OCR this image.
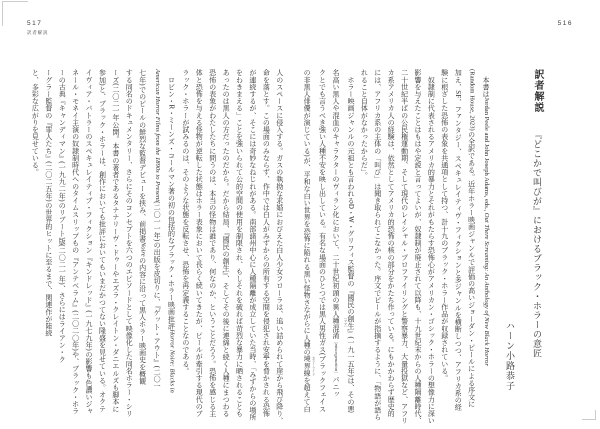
517
訳者解説
516
訳者解説『どこかで叫びが』におけるブラック・ホラーの意匠
ハーン小路恭子
　本書はJordan Peele and John Joseph Adams, eds., Out There Screaming: An Anthology of New Black Horror
(Random House, 2023)の全訳である。近年ホラー映画ジャンルで評価の高いジョーダン・ピールによる序文に
加え、SF、ファンタジー、スペキュレイティヴ・フィクションと多ジャンルを横断しつつ、アフリカ系の経
験に根ざした恐怖の表象を共通項として持つ、計十九のブラック・ホラー作品が収録されている。
　奴隷制に代表されるアメリカ的暴力とそれがもたらす恐怖心がアメリカン・ゴシック・ホラーの想像力に深い
影響を与えたことはもはや定説と言ってよいが、奴隷制が廃止されて以降も、十九世紀末からの人種隔離時代、
二十世紀半ばの公民権運動期、そして現代のレイシャル・プロファイリングと警察暴力、大量投獄など、アフリ
カ系アメリカ人の経験は、依然としてアメリカ的恐怖の核の部分をかたち作っている。にもかかわらず歴史的
には、アフリカ系の主体の「叫び」は聞き取られてこなかった。序文でピールが指摘するように、「物語が語ら
れること自体がなかったからだ」。
　ホラー映画ジャンルの元祖とも言われるD・W・グリフィス監督の『國民の創生〔ママ〕』(一九一五年)は、その悪
名高い黒人や混血のキャラクターのヴィラン化において、二十世紀初頭の異人種混淆〔miscegenation〕パニッ
クとでも言うべき強い人種不安を映し出している。有名な場面のひとつでは黒人男性ガス(ブラックフェイス
の非黒人俳優が演じている)が、平和な白い世界を恐怖に陥れる黒い怪物さながらに人種の境界線 カラーラインを超えて白
人のスペースに侵入する。ガスの執拗な求婚におびえた白人少女フローラは、追い詰められて崖から飛び降り、
命を落とす。この場面のみならず、作中では白人がみずからの所有する空間を侵犯され安寧を脅かされる恐怖
が連続するが、そこには奇妙なねじれがある。南部諸州中心に人種隔離が成立していた当時、「みずからの場所
をわきまえる」ことを強いられて公的空間の使用を制限され、もしそれを破れば苛烈な暴力に晒されることも
あったのは黒人の方だったのだから。だから結局、『國民の創生』、そしてその後に連綿と続く人種にまつわる
恐怖の表象がわたしたちに問うのは、本当の怪物は誰であり、何なのか、ということだろう。恐怖を感じる主
体と恐怖を与える怪物が逆転した状態はホラー表象において長らく続いてきたが、ピールが牽引する現代のブ
ラック・ホラーが試みるのは、そのような状態を反転させ、恐怖を再定義することなのである。
　ロビン・R・ミーンズ・コールマン著の初の包括的なブラック・ホラー映画批評Horror Noire: Blacks in
American Horror Films from the 1890s to Present(二〇一一年)の出版を皮切りに、『ゲット・アウト』(二〇一
七年)でのピールの鮮烈な監督デビューを挟み、前掲書Noireの内容に沿って黒人ホラー映画史を概観
する同名のドキュメンタリー、さらにそのコンセプトを六つのエピソードとして映像化した同名ホラー・シリ
ーズ(二〇二一年公開。本書の著者であるタナナリーヴ・ドゥーやエズラ・クレイトン・ダニエルズも脚本に
参加)と、ブラック・ホラーは、創作においても批評においてもいまだかつてない隆盛を見せている。オクテ
イヴィア・バトラーのスペキュレイティブ・フィクション『キンドレッド』(一九七九年)の影響も色濃いジャ
ネール・モネイ主演の奴隷制時代へのタイムスリップもの『アンテベラム』(二〇二〇年)や、ブラック・ホラ
ーの古典『キャンディマン』(一九九二年)のリブート版(二〇二一年)、さらにはライアン・ク
ーグラー監督の『罪人たち』(二〇二五年)の世界的ヒットに至るまで、関連作が陸続
と、多彩な広がりを見せている。
